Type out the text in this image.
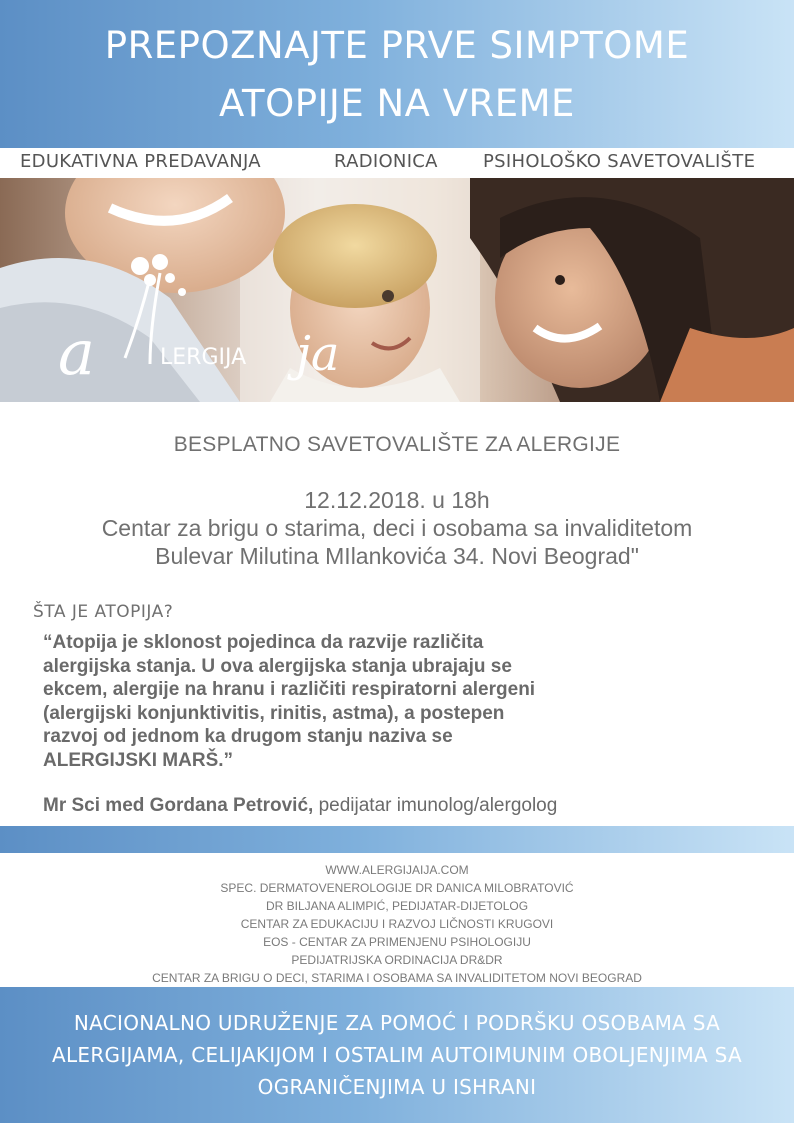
PREPOZNAJTE PRVE SIMPTOME
ATOPIJE NA VREME
EDUKATIVNA PREDAVANJA	RADIONICA	PSIHOLOŠKO SAVETOVALIŠTE
a	LERGIJA ja
BESPLATNO SAVETOVALIŠTE ZA ALERGIJE
12.12.2018. u 18h
Centar za brigu o starima, deci i osobama sa invaliditetom
Bulevar Milutina MIlankovića 34. Novi Beograd"
ŠTA JE ATOPIJA?
“Atopija je sklonost pojedinca da razvije različita
alergijska stanja. U ova alergijska stanja ubrajaju se
ekcem, alergije na hranu i različiti respiratorni alergeni
(alergijski konjunktivitis, rinitis, astma), a postepen
razvoj od jednom ka drugom stanju naziva se
ALERGIJSKI MARŠ.”
Mr Sci med Gordana Petrović, pedijatar imunolog/alergolog
WWW.ALERGIJAIJA.COM
SPEC. DERMATOVENEROLOGIJE DR DANICA MILOBRATOVIĆ
DR BILJANA ALIMPIĆ, PEDIJATAR-DIJETOLOG
CENTAR ZA EDUKACIJU I RAZVOJ LIČNOSTI KRUGOVI
EOS - CENTAR ZA PRIMENJENU PSIHOLOGIJU
PEDIJATRIJSKA ORDINACIJA DR&DR
CENTAR ZA BRIGU O DECI, STARIMA I OSOBAMA SA INVALIDITETOM NOVI BEOGRAD
NACIONALNO UDRUŽENJE ZA POMOĆ I PODRŠKU OSOBAMA SA
ALERGIJAMA, CELIJAKIJOM I OSTALIM AUTOIMUNIM OBOLJENJIMA SA
OGRANIČENJIMA U ISHRANI
